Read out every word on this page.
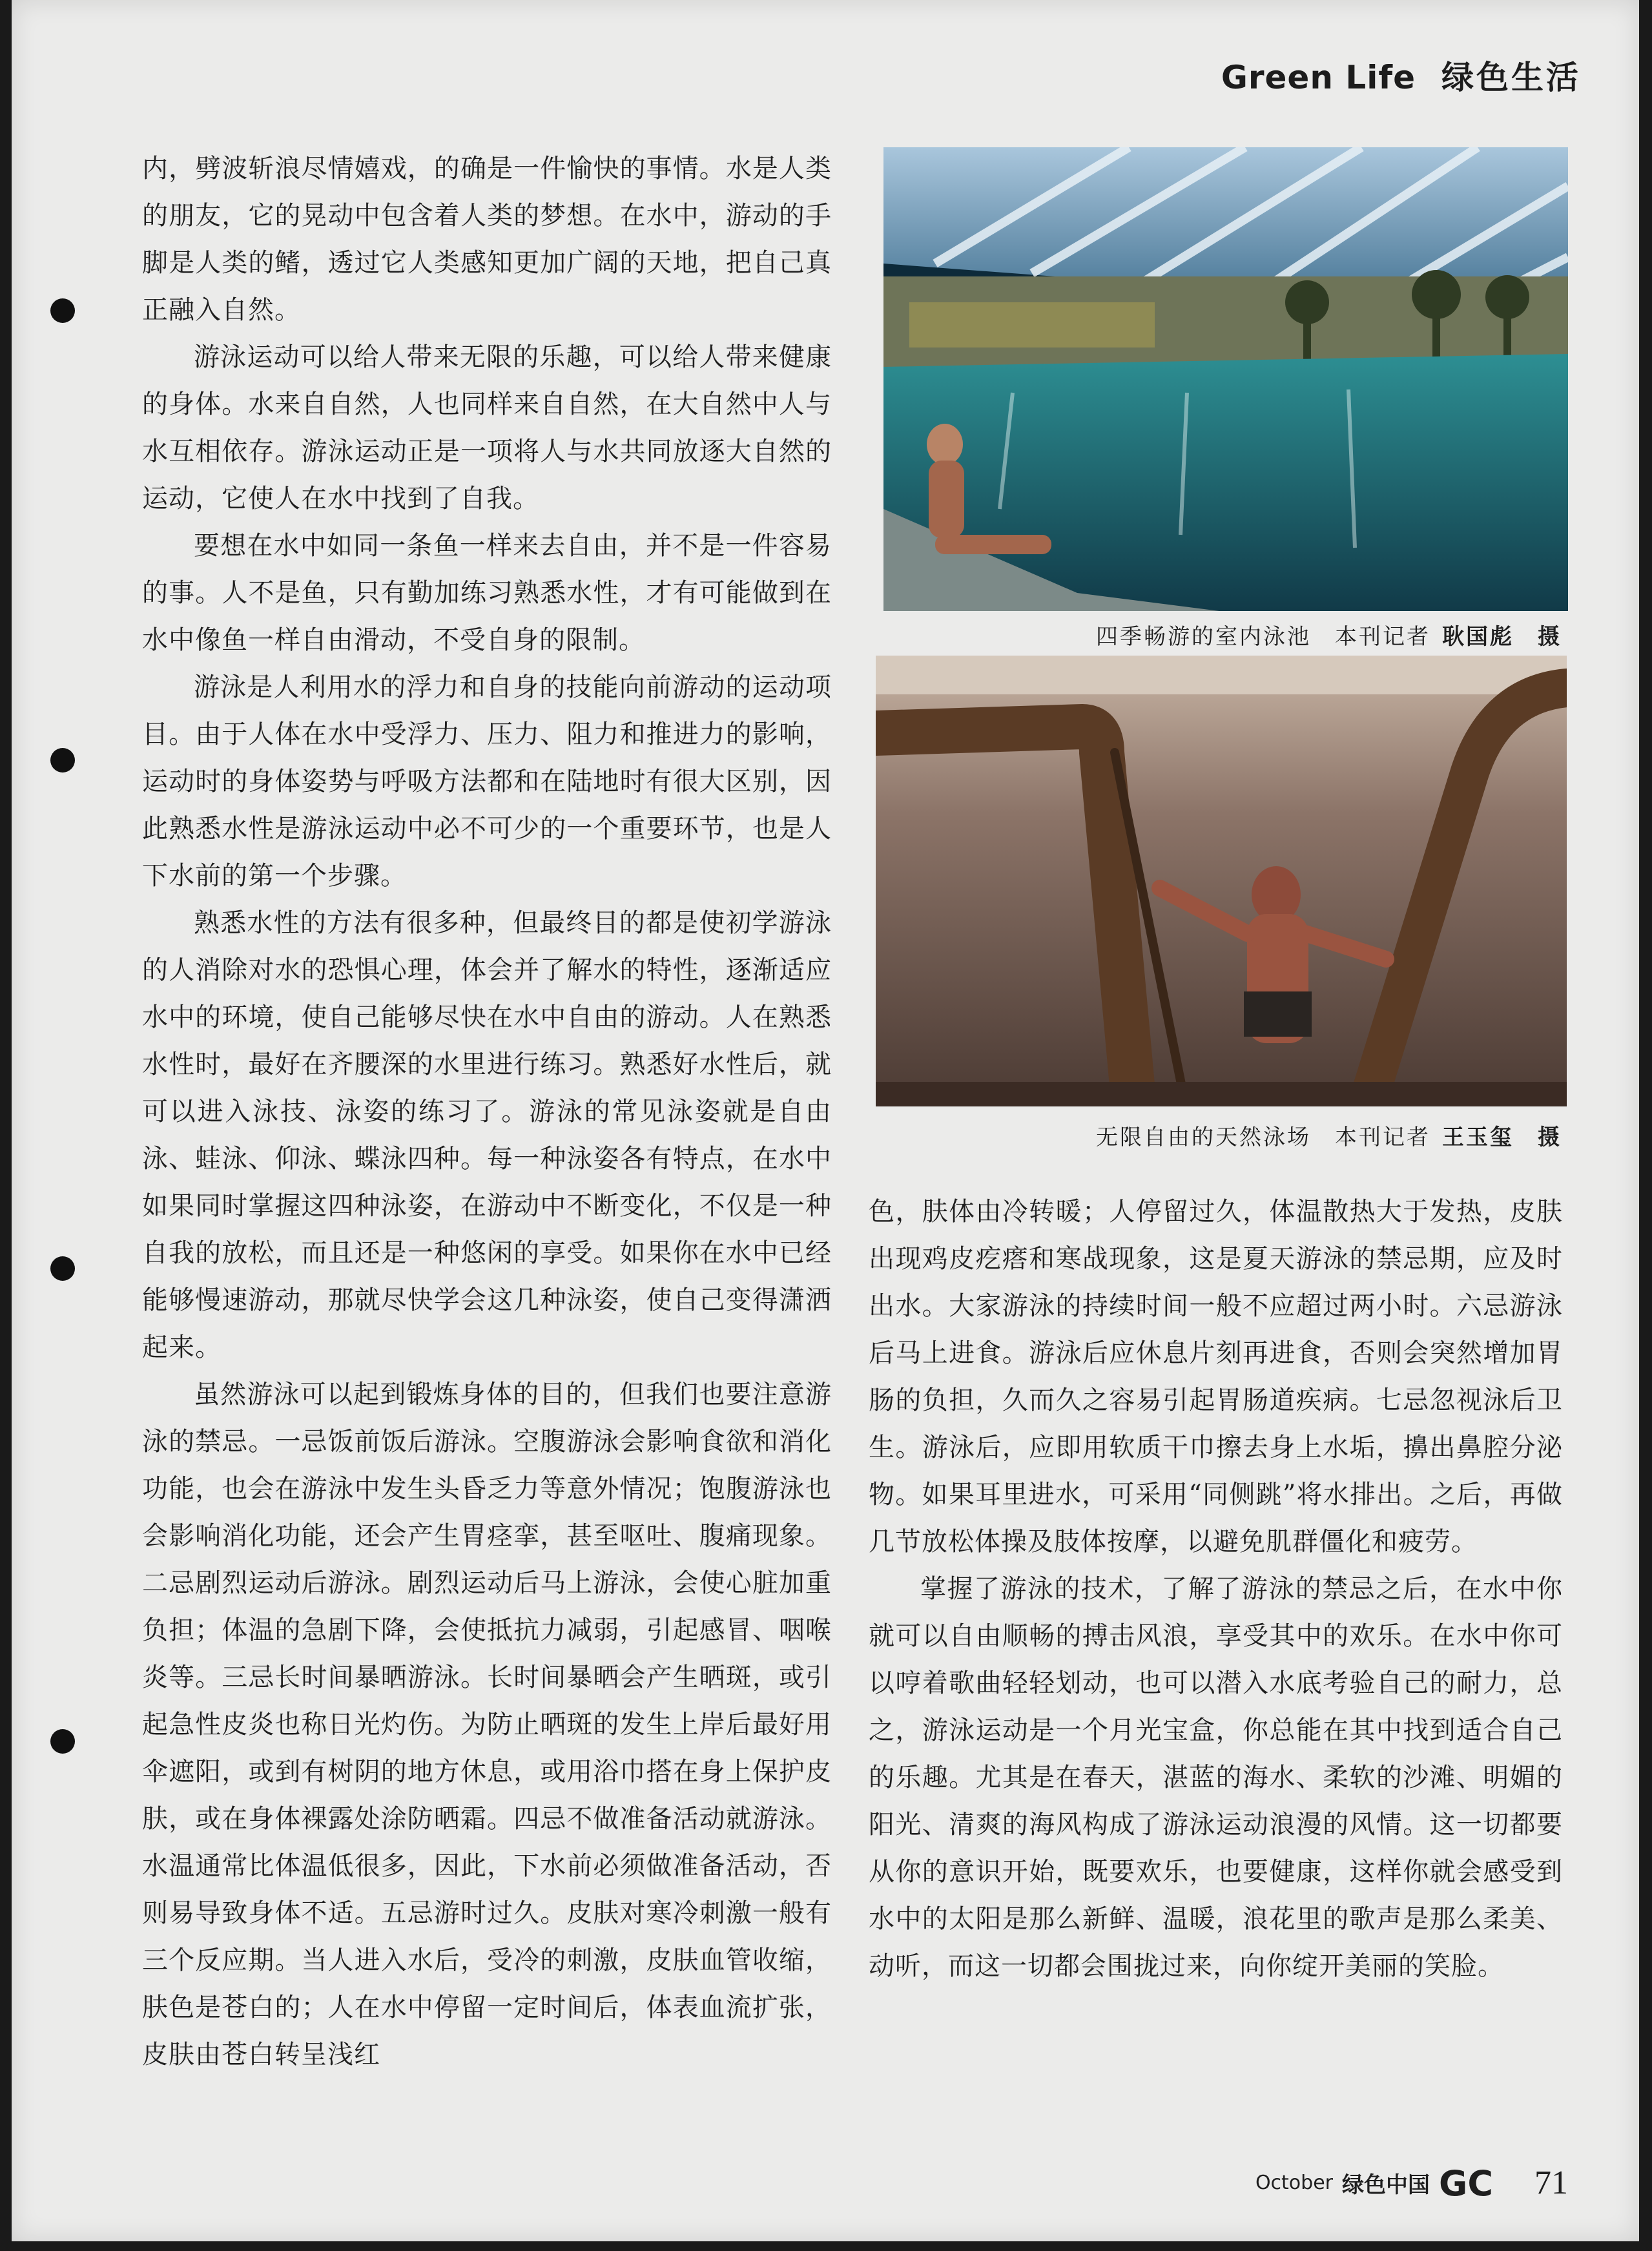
Green Life 绿色生活

内，劈波斩浪尽情嬉戏，的确是一件愉快的事情。水是人类的朋友，它的晃动中包含着人类的梦想。在水中，游动的手脚是人类的鳍，透过它人类感知更加广阔的天地，把自己真正融入自然。

游泳运动可以给人带来无限的乐趣，可以给人带来健康的身体。水来自自然，人也同样来自自然，在大自然中人与水互相依存。游泳运动正是一项将人与水共同放逐大自然的运动，它使人在水中找到了自我。

要想在水中如同一条鱼一样来去自由，并不是一件容易的事。人不是鱼，只有勤加练习熟悉水性，才有可能做到在水中像鱼一样自由滑动，不受自身的限制。

游泳是人利用水的浮力和自身的技能向前游动的运动项目。由于人体在水中受浮力、压力、阻力和推进力的影响，运动时的身体姿势与呼吸方法都和在陆地时有很大区别，因此熟悉水性是游泳运动中必不可少的一个重要环节，也是人下水前的第一个步骤。

熟悉水性的方法有很多种，但最终目的都是使初学游泳的人消除对水的恐惧心理，体会并了解水的特性，逐渐适应水中的环境，使自己能够尽快在水中自由的游动。人在熟悉水性时，最好在齐腰深的水里进行练习。熟悉好水性后，就可以进入泳技、泳姿的练习了。游泳的常见泳姿就是自由泳、蛙泳、仰泳、蝶泳四种。每一种泳姿各有特点，在水中如果同时掌握这四种泳姿，在游动中不断变化，不仅是一种自我的放松，而且还是一种悠闲的享受。如果你在水中已经能够慢速游动，那就尽快学会这几种泳姿，使自己变得潇洒起来。

虽然游泳可以起到锻炼身体的目的，但我们也要注意游泳的禁忌。一忌饭前饭后游泳。空腹游泳会影响食欲和消化功能，也会在游泳中发生头昏乏力等意外情况；饱腹游泳也会影响消化功能，还会产生胃痉挛，甚至呕吐、腹痛现象。二忌剧烈运动后游泳。剧烈运动后马上游泳，会使心脏加重负担；体温的急剧下降，会使抵抗力减弱，引起感冒、咽喉炎等。三忌长时间暴晒游泳。长时间暴晒会产生晒斑，或引起急性皮炎也称日光灼伤。为防止晒斑的发生上岸后最好用伞遮阳，或到有树阴的地方休息，或用浴巾搭在身上保护皮肤，或在身体裸露处涂防晒霜。四忌不做准备活动就游泳。水温通常比体温低很多，因此，下水前必须做准备活动，否则易导致身体不适。五忌游时过久。皮肤对寒冷刺激一般有三个反应期。当人进入水后，受冷的刺激，皮肤血管收缩，肤色是苍白的；人在水中停留一定时间后，体表血流扩张，皮肤由苍白转呈浅红

四季畅游的室内泳池　本刊记者 耿国彪　摄
无限自由的天然泳场　本刊记者 王玉玺　摄

色，肤体由冷转暖；人停留过久，体温散热大于发热，皮肤出现鸡皮疙瘩和寒战现象，这是夏天游泳的禁忌期，应及时出水。大家游泳的持续时间一般不应超过两小时。六忌游泳后马上进食。游泳后应休息片刻再进食，否则会突然增加胃肠的负担，久而久之容易引起胃肠道疾病。七忌忽视泳后卫生。游泳后，应即用软质干巾擦去身上水垢，擤出鼻腔分泌物。如果耳里进水，可采用“同侧跳”将水排出。之后，再做几节放松体操及肢体按摩，以避免肌群僵化和疲劳。

掌握了游泳的技术，了解了游泳的禁忌之后，在水中你就可以自由顺畅的搏击风浪，享受其中的欢乐。在水中你可以哼着歌曲轻轻划动，也可以潜入水底考验自己的耐力，总之，游泳运动是一个月光宝盒，你总能在其中找到适合自己的乐趣。尤其是在春天，湛蓝的海水、柔软的沙滩、明媚的阳光、清爽的海风构成了游泳运动浪漫的风情。这一切都要从你的意识开始，既要欢乐，也要健康，这样你就会感受到水中的太阳是那么新鲜、温暖，浪花里的歌声是那么柔美、动听，而这一切都会围拢过来，向你绽开美丽的笑脸。

October 绿色中国 GC 71
